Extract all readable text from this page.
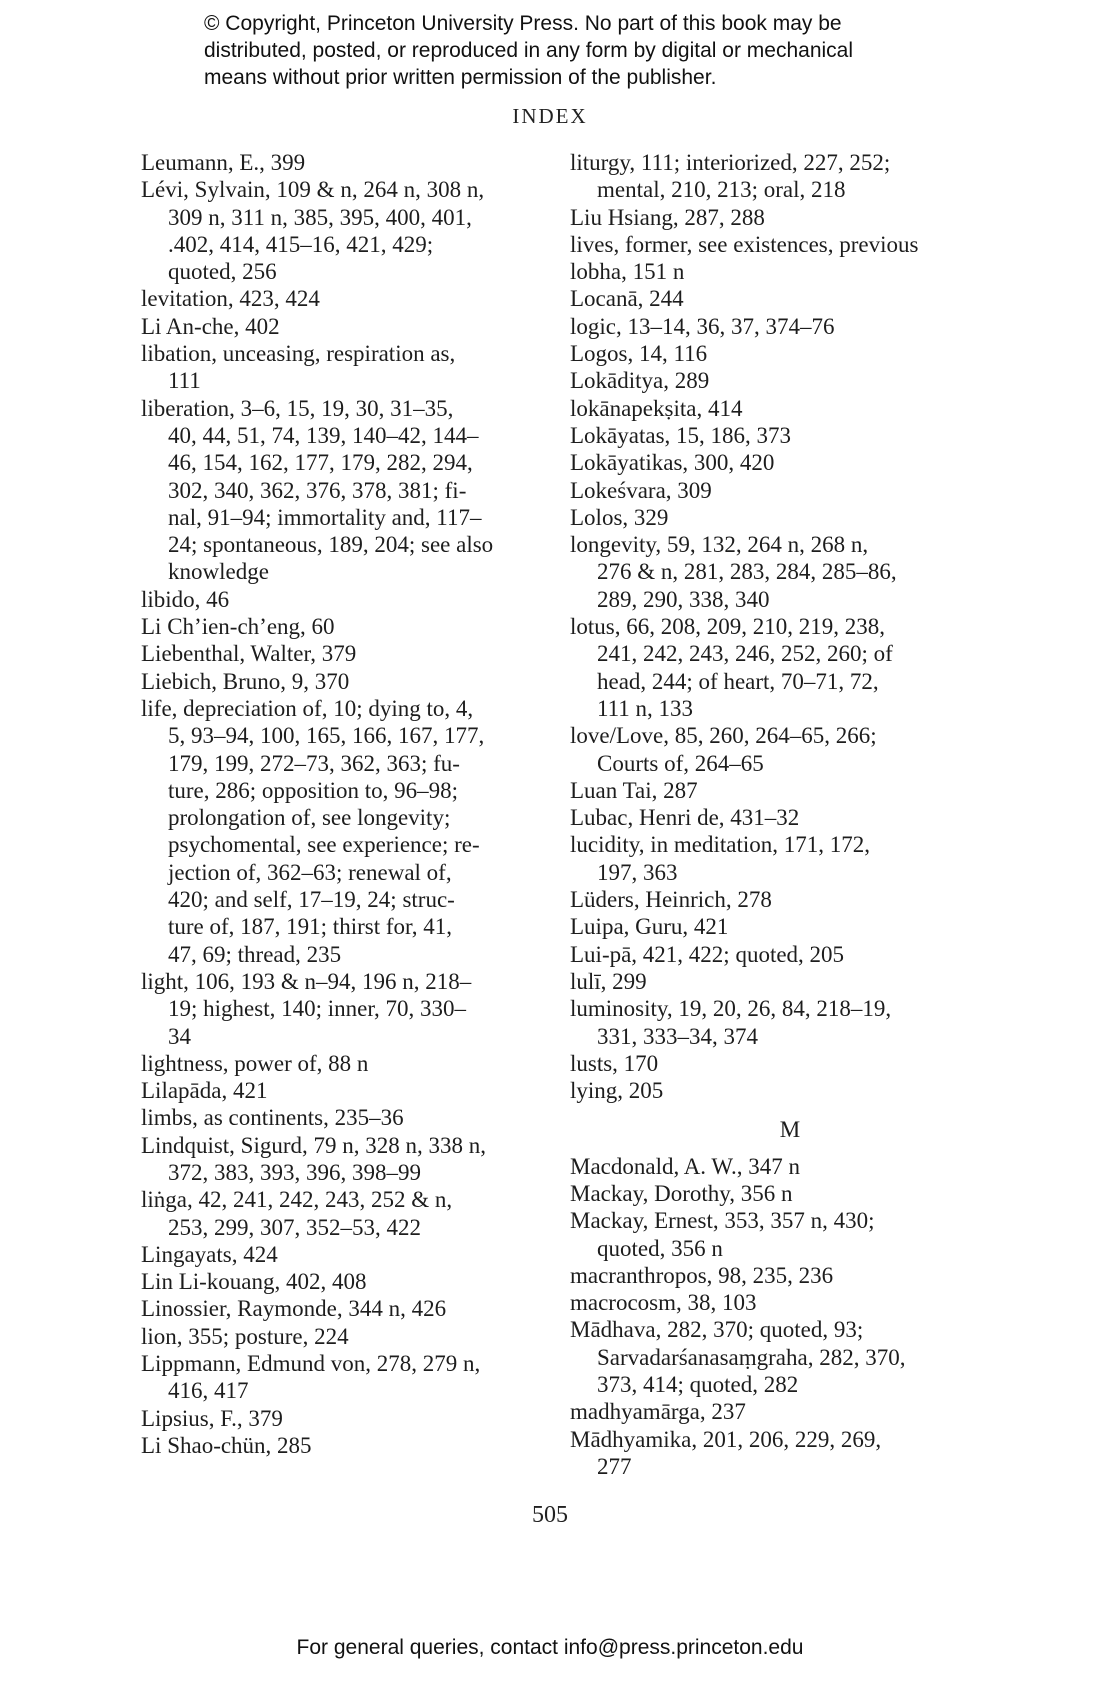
© Copyright, Princeton University Press. No part of this book may be
distributed, posted, or reproduced in any form by digital or mechanical
means without prior written permission of the publisher.
INDEX
Leumann, E., 399
Lévi, Sylvain, 109 & n, 264 n, 308 n,
309 n, 311 n, 385, 395, 400, 401,
.402, 414, 415–16, 421, 429;
quoted, 256
levitation, 423, 424
Li An-che, 402
libation, unceasing, respiration as,
111
liberation, 3–6, 15, 19, 30, 31–35,
40, 44, 51, 74, 139, 140–42, 144–
46, 154, 162, 177, 179, 282, 294,
302, 340, 362, 376, 378, 381; fi-
nal, 91–94; immortality and, 117–
24; spontaneous, 189, 204; see also
knowledge
libido, 46
Li Ch’ien-ch’eng, 60
Liebenthal, Walter, 379
Liebich, Bruno, 9, 370
life, depreciation of, 10; dying to, 4,
5, 93–94, 100, 165, 166, 167, 177,
179, 199, 272–73, 362, 363; fu-
ture, 286; opposition to, 96–98;
prolongation of, see longevity;
psychomental, see experience; re-
jection of, 362–63; renewal of,
420; and self, 17–19, 24; struc-
ture of, 187, 191; thirst for, 41,
47, 69; thread, 235
light, 106, 193 & n–94, 196 n, 218–
19; highest, 140; inner, 70, 330–
34
lightness, power of, 88 n
Lilapāda, 421
limbs, as continents, 235–36
Lindquist, Sigurd, 79 n, 328 n, 338 n,
372, 383, 393, 396, 398–99
liṅga, 42, 241, 242, 243, 252 & n,
253, 299, 307, 352–53, 422
Lingayats, 424
Lin Li-kouang, 402, 408
Linossier, Raymonde, 344 n, 426
lion, 355; posture, 224
Lippmann, Edmund von, 278, 279 n,
416, 417
Lipsius, F., 379
Li Shao-chün, 285
liturgy, 111; interiorized, 227, 252;
mental, 210, 213; oral, 218
Liu Hsiang, 287, 288
lives, former, see existences, previous
lobha, 151 n
Locanā, 244
logic, 13–14, 36, 37, 374–76
Logos, 14, 116
Lokāditya, 289
lokānapekṣita, 414
Lokāyatas, 15, 186, 373
Lokāyatikas, 300, 420
Lokeśvara, 309
Lolos, 329
longevity, 59, 132, 264 n, 268 n,
276 & n, 281, 283, 284, 285–86,
289, 290, 338, 340
lotus, 66, 208, 209, 210, 219, 238,
241, 242, 243, 246, 252, 260; of
head, 244; of heart, 70–71, 72,
111 n, 133
love/Love, 85, 260, 264–65, 266;
Courts of, 264–65
Luan Tai, 287
Lubac, Henri de, 431–32
lucidity, in meditation, 171, 172,
197, 363
Lüders, Heinrich, 278
Luipa, Guru, 421
Lui-pā, 421, 422; quoted, 205
lulī, 299
luminosity, 19, 20, 26, 84, 218–19,
331, 333–34, 374
lusts, 170
lying, 205
M
Macdonald, A. W., 347 n
Mackay, Dorothy, 356 n
Mackay, Ernest, 353, 357 n, 430;
quoted, 356 n
macranthropos, 98, 235, 236
macrocosm, 38, 103
Mādhava, 282, 370; quoted, 93;
Sarvadarśanasaṃgraha, 282, 370,
373, 414; quoted, 282
madhyamārga, 237
Mādhyamika, 201, 206, 229, 269,
277
505
For general queries, contact info@press.princeton.edu
